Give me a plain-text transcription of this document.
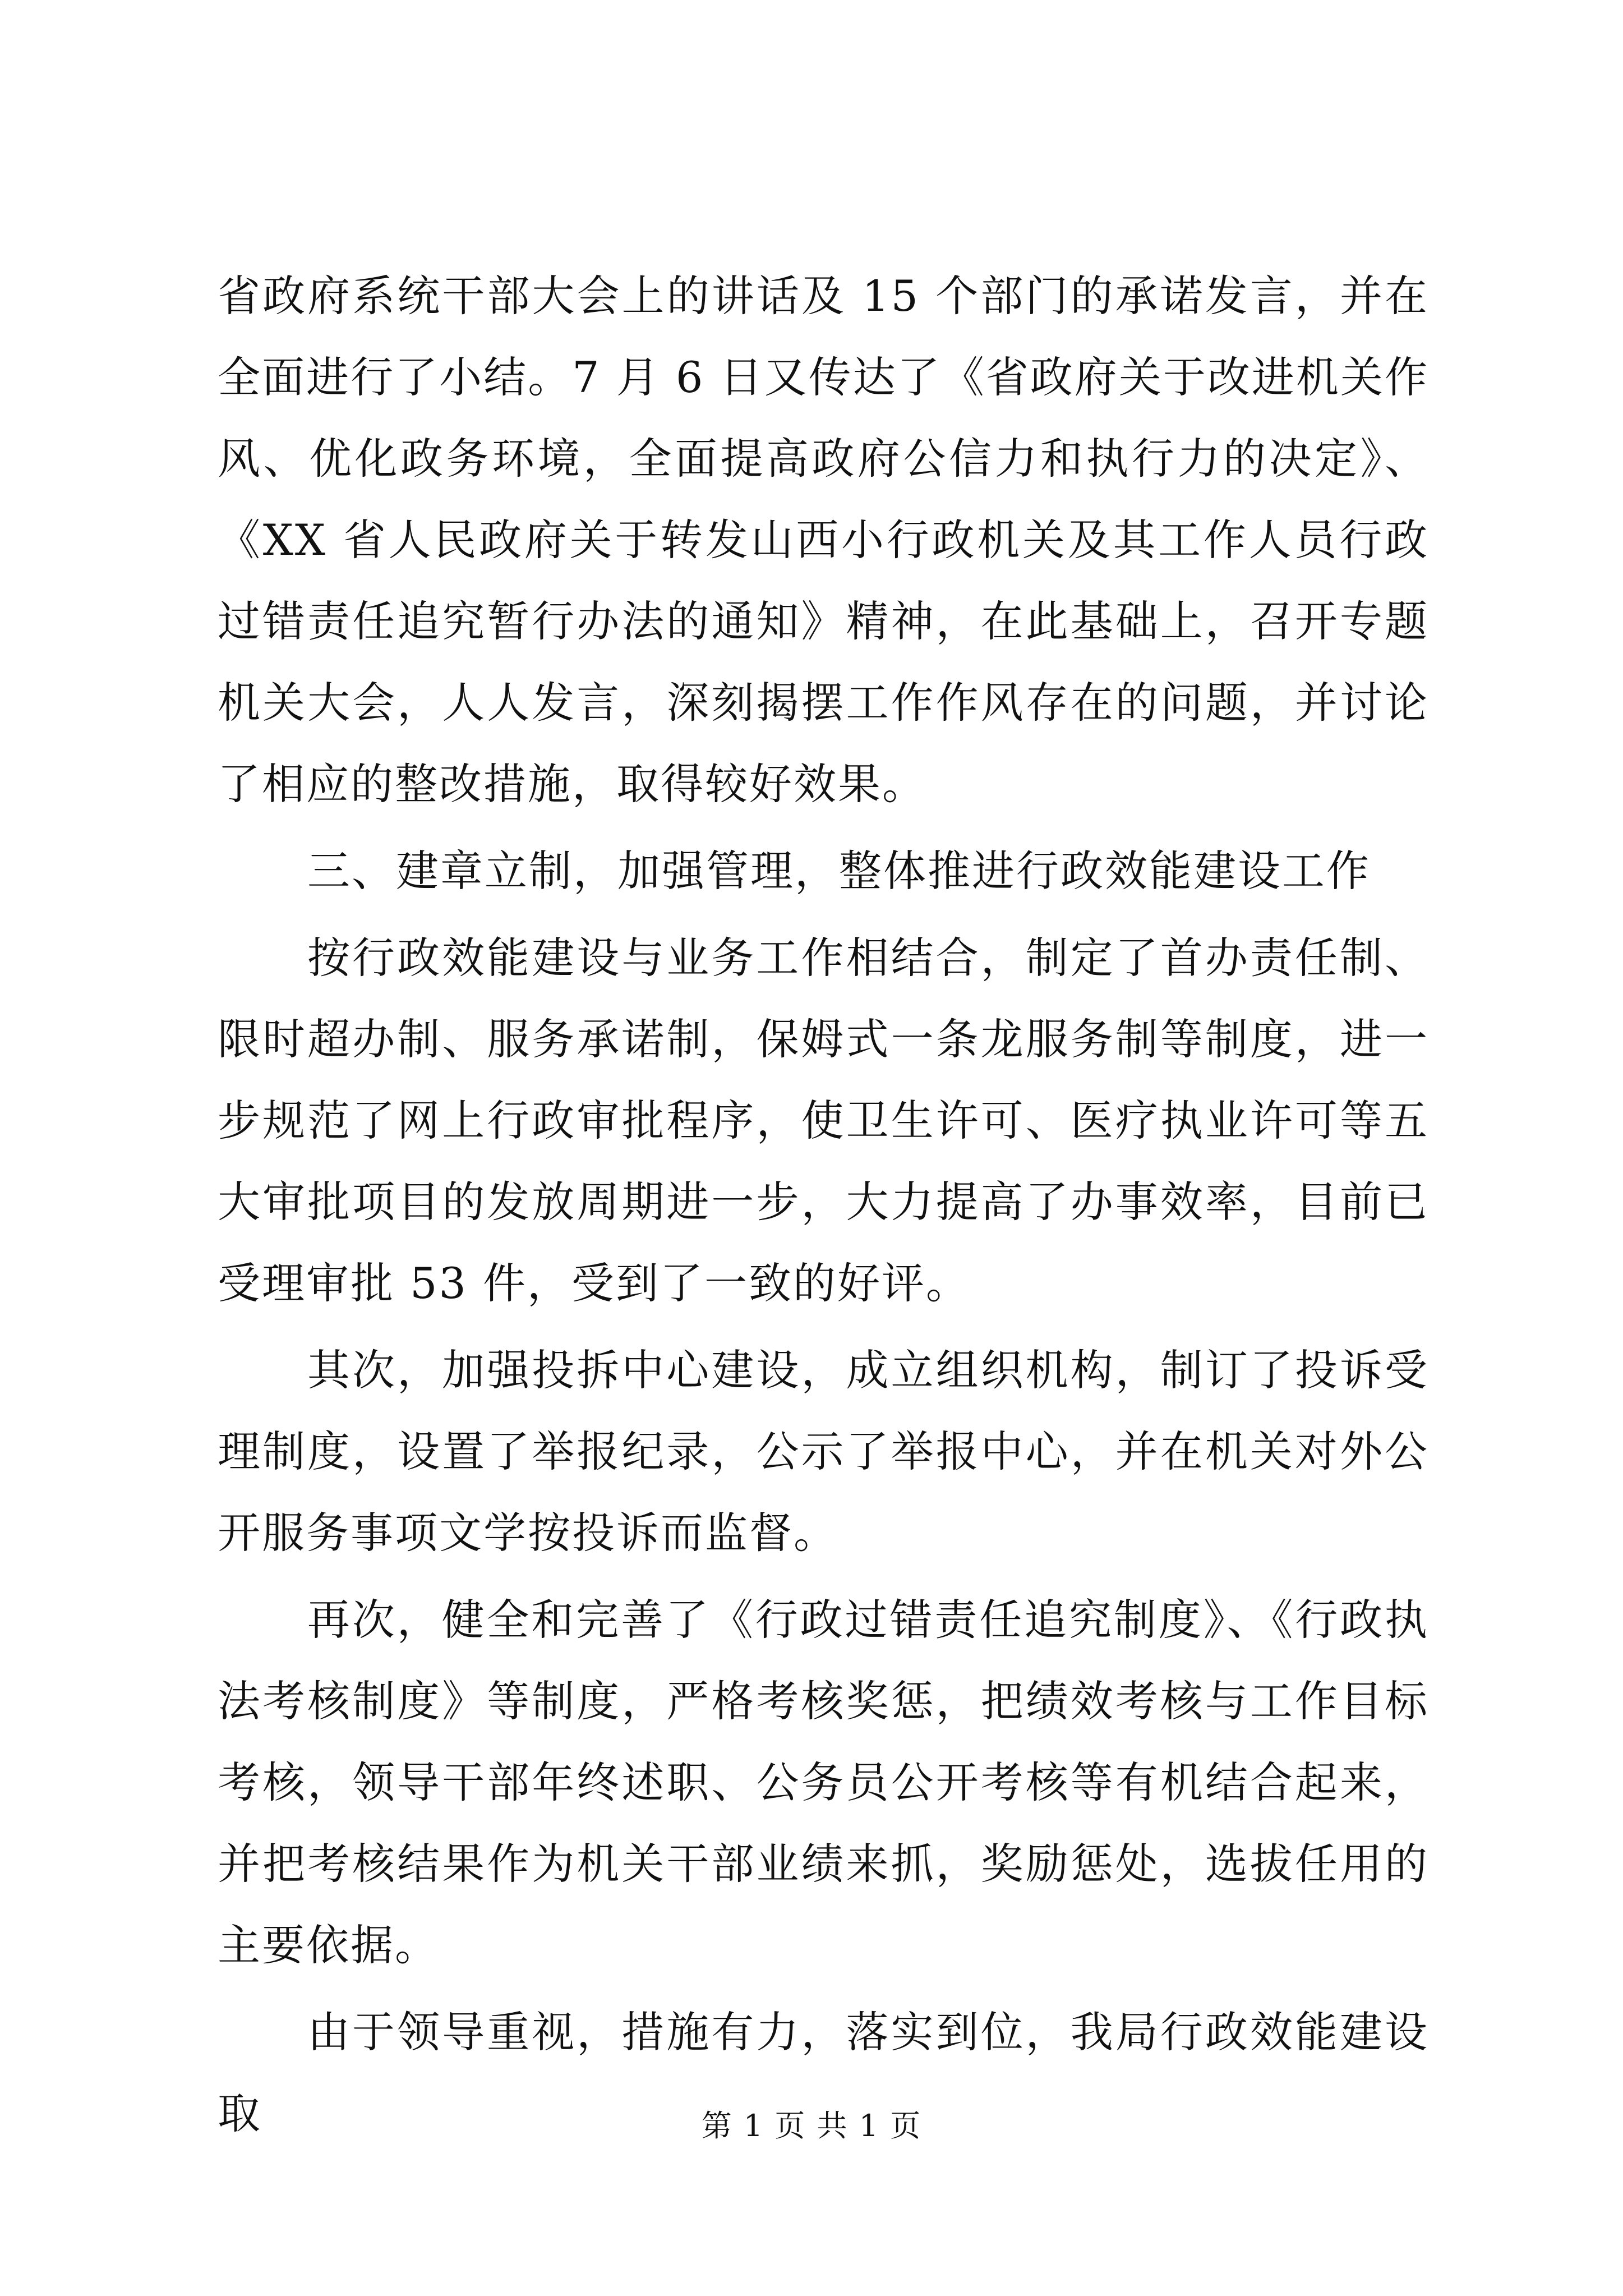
省政府系统干部大会上的讲话及 15 个部门的承诺发言，并在全面进行了小结。7 月 6 日又传达了《省政府关于改进机关作风、优化政务环境，全面提高政府公信力和执行力的决定》、《XX 省人民政府关于转发山西小行政机关及其工作人员行政过错责任追究暂行办法的通知》精神，在此基础上，召开专题机关大会，人人发言，深刻揭摆工作作风存在的问题，并讨论了相应的整改措施，取得较好效果。

三、建章立制，加强管理，整体推进行政效能建设工作

按行政效能建设与业务工作相结合，制定了首办责任制、限时超办制、服务承诺制，保姆式一条龙服务制等制度，进一步规范了网上行政审批程序，使卫生许可、医疗执业许可等五大审批项目的发放周期进一步，大力提高了办事效率，目前已受理审批 53 件，受到了一致的好评。

其次，加强投拆中心建设，成立组织机构，制订了投诉受理制度，设置了举报纪录，公示了举报中心，并在机关对外公开服务事项文学按投诉而监督。

再次，健全和完善了《行政过错责任追究制度》、《行政执法考核制度》等制度，严格考核奖惩，把绩效考核与工作目标考核，领导干部年终述职、公务员公开考核等有机结合起来，并把考核结果作为机关干部业绩来抓，奖励惩处，选拔任用的主要依据。

由于领导重视，措施有力，落实到位，我局行政效能建设取	第 1 页 共 1 页
